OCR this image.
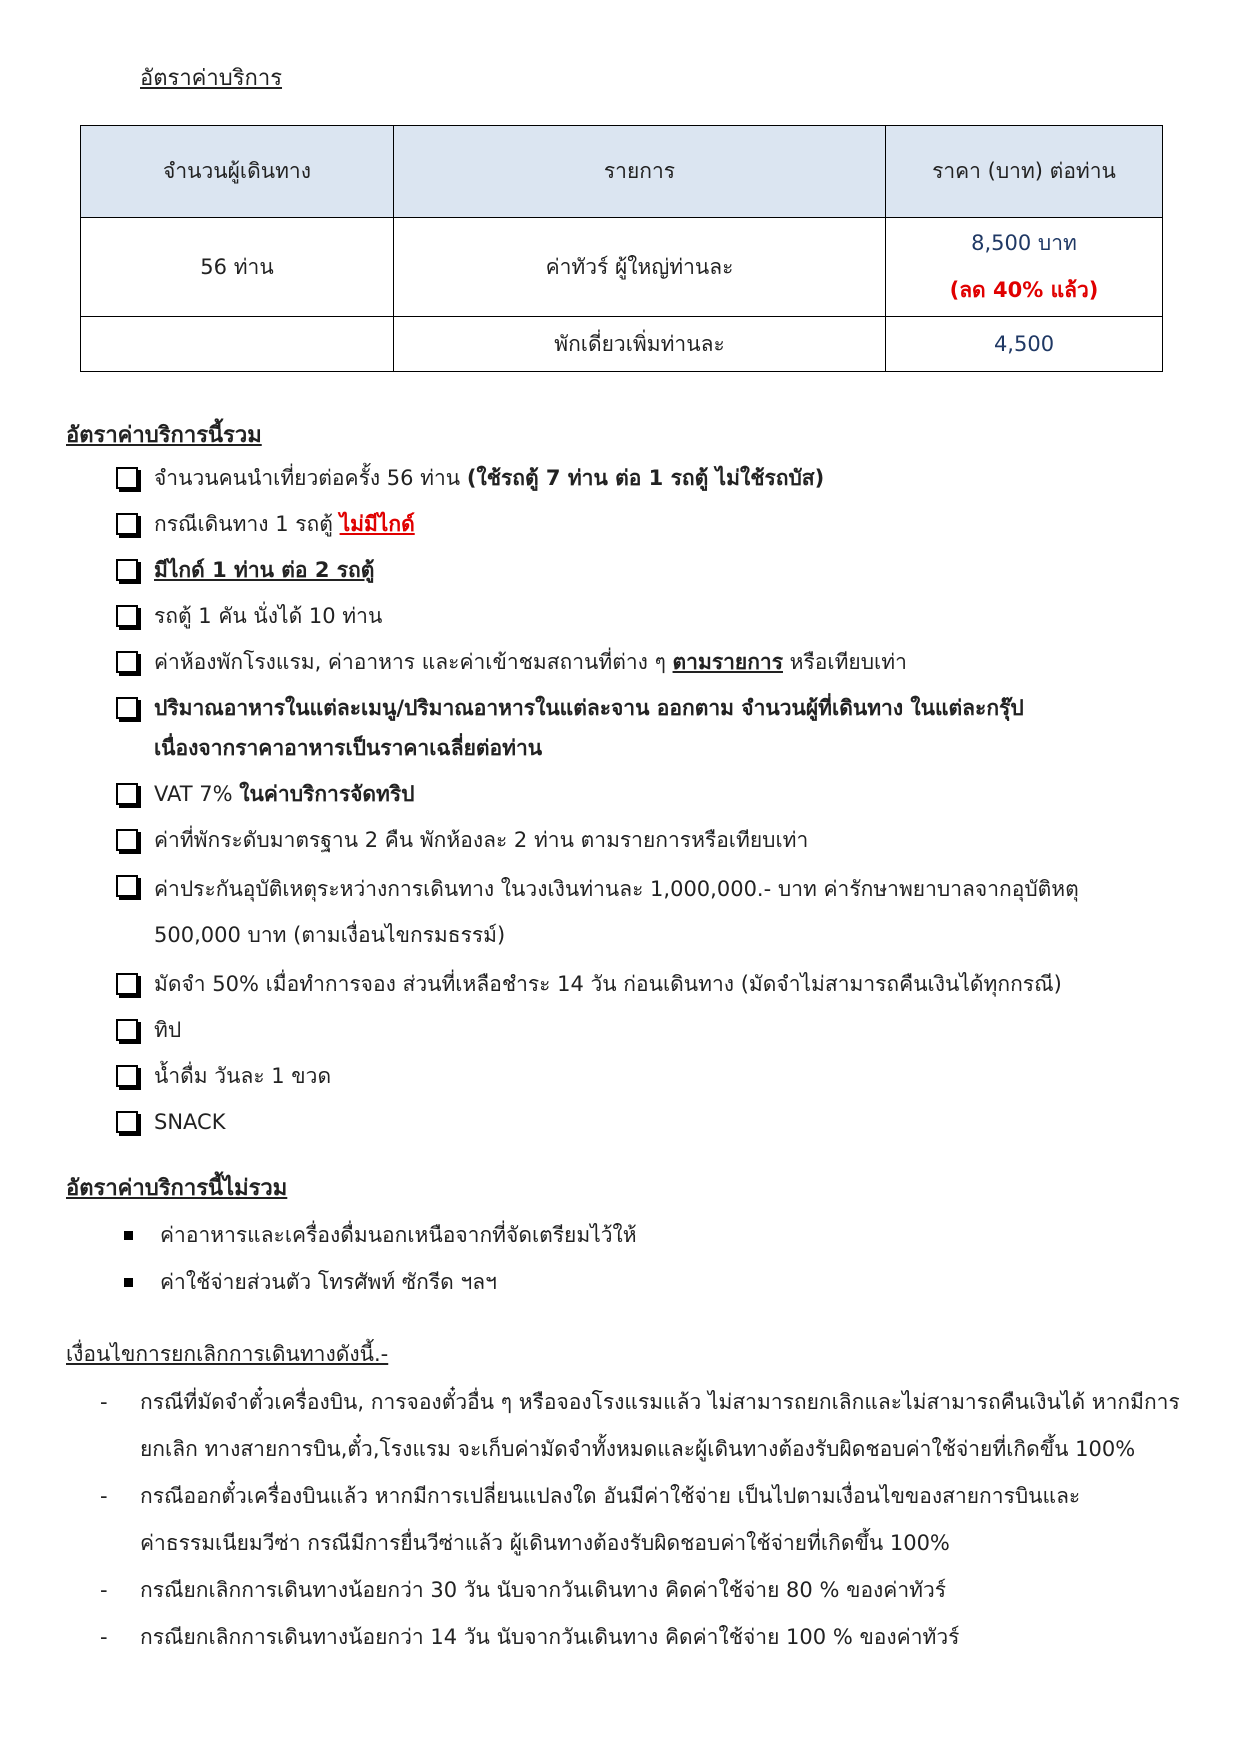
อัตราค่าบริการ
จำนวนผู้เดินทาง	รายการ	ราคา (บาท) ต่อท่าน
56 ท่าน	ค่าทัวร์ ผู้ใหญ่ท่านละ	8,500 บาท
(ลด 40% แล้ว)

	พักเดี่ยวเพิ่มท่านละ	4,500
อัตราค่าบริการนี้รวม
จำนวนคนนำเที่ยวต่อครั้ง 56 ท่าน (ใช้รถตู้ 7 ท่าน ต่อ 1 รถตู้ ไม่ใช้รถบัส)
กรณีเดินทาง 1 รถตู้ ไม่มีไกด์
มีไกด์ 1 ท่าน ต่อ 2 รถตู้
รถตู้ 1 คัน นั่งได้ 10 ท่าน
ค่าห้องพักโรงแรม, ค่าอาหาร และค่าเข้าชมสถานที่ต่าง ๆ ตามรายการ หรือเทียบเท่า
ปริมาณอาหารในแต่ละเมนู/ปริมาณอาหารในแต่ละจาน ออกตาม จำนวนผู้ที่เดินทาง ในแต่ละกรุ๊ป
เนื่องจากราคาอาหารเป็นราคาเฉลี่ยต่อท่าน
VAT 7% ในค่าบริการจัดทริป
ค่าที่พักระดับมาตรฐาน 2 คืน พักห้องละ 2 ท่าน ตามรายการหรือเทียบเท่า
ค่าประกันอุบัติเหตุระหว่างการเดินทาง ในวงเงินท่านละ 1,000,000.- บาท ค่ารักษาพยาบาลจากอุบัติหตุ
500,000 บาท (ตามเงื่อนไขกรมธรรม์)
มัดจำ 50% เมื่อทำการจอง ส่วนที่เหลือชำระ 14 วัน ก่อนเดินทาง (มัดจำไม่สามารถคืนเงินได้ทุกกรณี)
ทิป
น้ำดื่ม วันละ 1 ขวด
SNACK
อัตราค่าบริการนี้ไม่รวม
ค่าอาหารและเครื่องดื่มนอกเหนือจากที่จัดเตรียมไว้ให้
ค่าใช้จ่ายส่วนตัว โทรศัพท์ ซักรีด ฯลฯ
เงื่อนไขการยกเลิกการเดินทางดังนี้.-
- กรณีที่มัดจำตั๋วเครื่องบิน, การจองตั๋วอื่น ๆ หรือจองโรงแรมแล้ว ไม่สามารถยกเลิกและไม่สามารถคืนเงินได้ หากมีการ
ยกเลิก ทางสายการบิน,ตั๋ว,โรงแรม จะเก็บค่ามัดจำทั้งหมดและผู้เดินทางต้องรับผิดชอบค่าใช้จ่ายที่เกิดขึ้น 100%
- กรณีออกตั๋วเครื่องบินแล้ว หากมีการเปลี่ยนแปลงใด อันมีค่าใช้จ่าย เป็นไปตามเงื่อนไขของสายการบินและ
ค่าธรรมเนียมวีซ่า กรณีมีการยื่นวีซ่าแล้ว ผู้เดินทางต้องรับผิดชอบค่าใช้จ่ายที่เกิดขึ้น 100%
- กรณียกเลิกการเดินทางน้อยกว่า 30 วัน นับจากวันเดินทาง คิดค่าใช้จ่าย 80 % ของค่าทัวร์
- กรณียกเลิกการเดินทางน้อยกว่า 14 วัน นับจากวันเดินทาง คิดค่าใช้จ่าย 100 % ของค่าทัวร์
